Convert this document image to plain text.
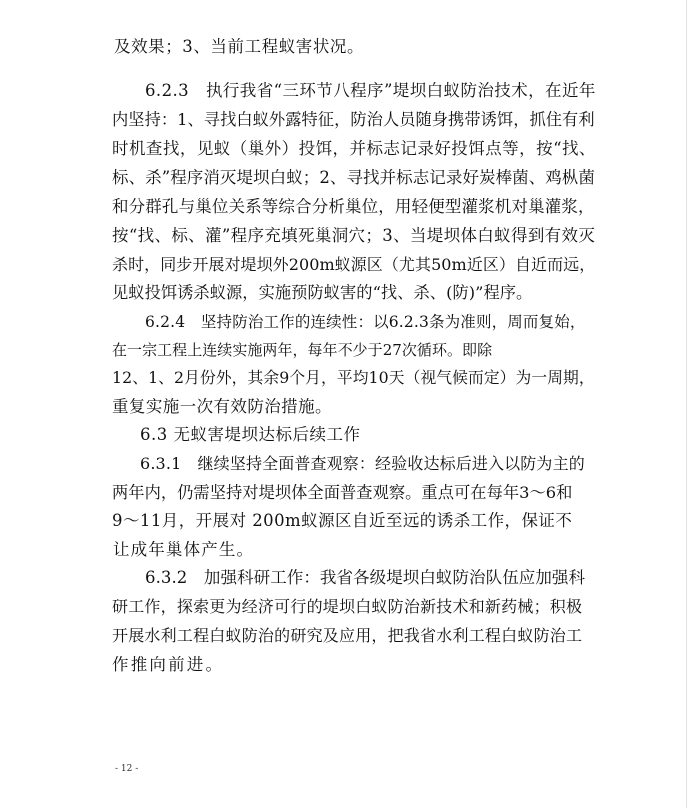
及效果；3、当前工程蚁害状况。
6.2.3　执行我省“三环节八程序”堤坝白蚁防治技术，在近年
内坚持：1、寻找白蚁外露特征，防治人员随身携带诱饵，抓住有利
时机查找，见蚁（巢外）投饵，并标志记录好投饵点等，按“找、
标、杀”程序消灭堤坝白蚁；2、寻找并标志记录好炭棒菌、鸡枞菌
和分群孔与巢位关系等综合分析巢位，用轻便型灌浆机对巢灌浆，
按“找、标、灌”程序充填死巢洞穴；3、当堤坝体白蚁得到有效灭
杀时，同步开展对堤坝外200m蚁源区（尤其50m近区）自近而远，
见蚁投饵诱杀蚁源，实施预防蚁害的“找、杀、(防)”程序。
6.2.4　坚持防治工作的连续性：以6.2.3条为准则，周而复始，
在一宗工程上连续实施两年，每年不少于27次循环。即除
12、1、2月份外，其余9个月，平均10天（视气候而定）为一周期，
重复实施一次有效防治措施。
6.3 无蚁害堤坝达标后续工作
6.3.1　继续坚持全面普查观察：经验收达标后进入以防为主的
两年内，仍需坚持对堤坝体全面普查观察。重点可在每年3～6和
9～11月，开展对 200m蚁源区自近至远的诱杀工作，保证不
让成年巢体产生。
6.3.2　加强科研工作：我省各级堤坝白蚁防治队伍应加强科
研工作，探索更为经济可行的堤坝白蚁防治新技术和新药械；积极
开展水利工程白蚁防治的研究及应用，把我省水利工程白蚁防治工
作推向前进。
- 12 -
